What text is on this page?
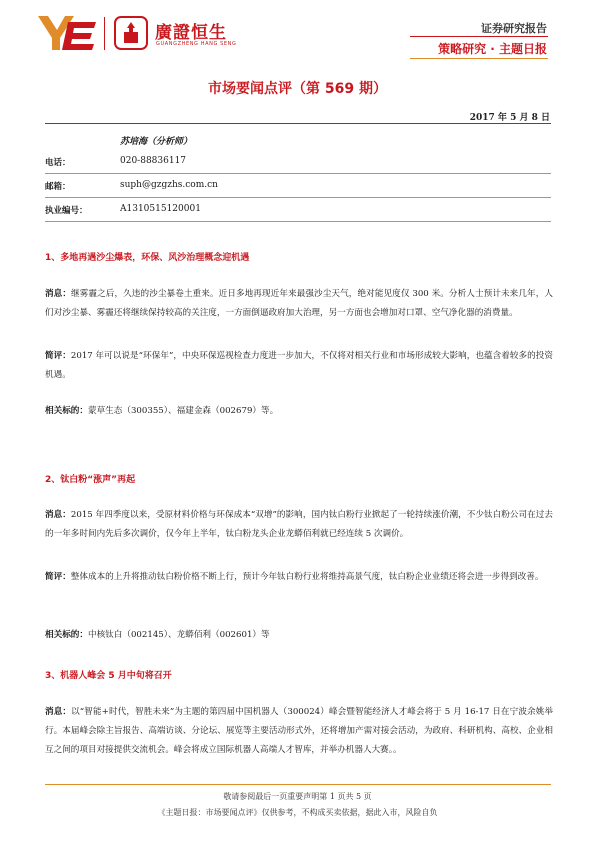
廣證恒生
GUANGZHENG HANG SENG
证券研究报告
策略研究 · 主题日报
市场要闻点评（第 569 期）
2017 年 5 月 8 日
苏培海（分析师）
电话：	020-88836117
邮箱：	suph@gzgzhs.com.cn
执业编号：	A1310515120001
1、多地再遇沙尘爆表，环保、风沙治理概念迎机遇
消息：继雾霾之后，久违的沙尘暴卷土重来。近日多地再现近年来最强沙尘天气，绝对能见度仅 300 米。分析人士预计未来几年，人们对沙尘暴、雾霾还将继续保持较高的关注度，一方面倒逼政府加大治理，另一方面也会增加对口罩、空气净化器的消费量。
简评：2017 年可以说是“环保年”，中央环保巡视检查力度进一步加大，不仅将对相关行业和市场形成较大影响，也蕴含着较多的投资机遇。
相关标的：蒙草生态（300355）、福建金森（002679）等。
2、钛白粉“涨声”再起
消息：2015 年四季度以来，受原材料价格与环保成本“双增”的影响，国内钛白粉行业掀起了一轮持续涨价潮，不少钛白粉公司在过去的一年多时间内先后多次调价，仅今年上半年，钛白粉龙头企业龙蟒佰利就已经连续 5 次调价。
简评：整体成本的上升将推动钛白粉价格不断上行，预计今年钛白粉行业将维持高景气度，钛白粉企业业绩还将会进一步得到改善。
相关标的：中核钛白（002145）、龙蟒佰利（002601）等
3、机器人峰会 5 月中旬将召开
消息：以“智能+时代，智胜未来”为主题的第四届中国机器人（300024）峰会暨智能经济人才峰会将于 5 月 16-17 日在宁波余姚举行。本届峰会除主旨报告、高端访谈、分论坛、展览等主要活动形式外，还将增加产需对接会活动，为政府、科研机构、高校、企业相互之间的项目对接提供交流机会。峰会将成立国际机器人高端人才智库，并举办机器人大赛。。
敬请参阅最后一页重要声明第 1 页共 5 页
《主题日报：市场要闻点评》仅供参考，不构成买卖依据，据此入市，风险自负
